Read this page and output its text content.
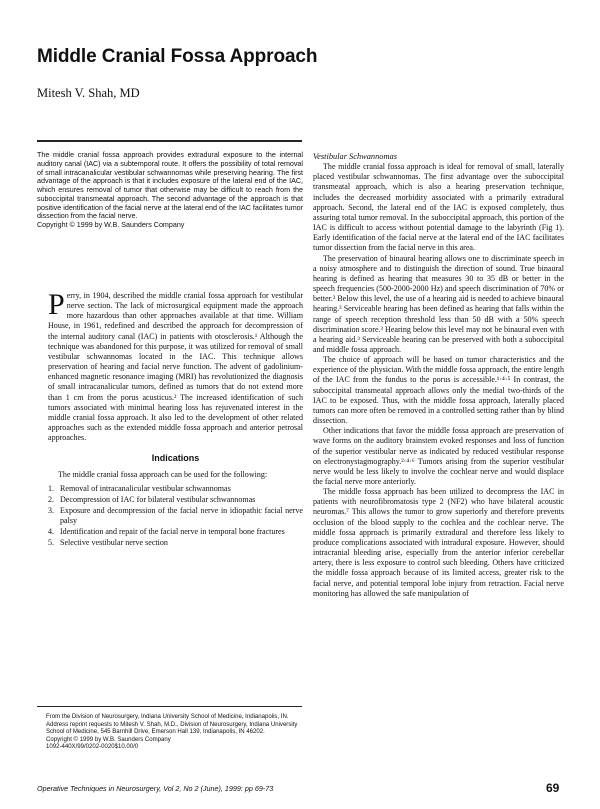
Middle Cranial Fossa Approach

Mitesh V. Shah, MD

The middle cranial fossa approach provides extradural exposure to the internal auditory canal (IAC) via a subtemporal route. It offers the possibility of total removal of small intracanalicular vestibular schwannomas while preserving hearing. The first advantage of the approach is that it includes exposure of the lateral end of the IAC, which ensures removal of tumor that otherwise may be difficult to reach from the suboccipital transmeatal approach. The second advantage of the approach is that positive identification of the facial nerve at the lateral end of the IAC facilitates tumor dissection from the facial nerve.
Copyright © 1999 by W.B. Saunders Company

Perry, in 1904, described the middle cranial fossa approach for vestibular nerve section. The lack of microsurgical equipment made the approach more hazardous than other approaches available at that time. William House, in 1961, redefined and described the approach for decompression of the internal auditory canal (IAC) in patients with otosclerosis.¹ Although the technique was abandoned for this purpose, it was utilized for removal of small vestibular schwannomas located in the IAC. This technique allows preservation of hearing and facial nerve function. The advent of gadolinium-enhanced magnetic resonance imaging (MRI) has revolutionized the diagnosis of small intracanalicular tumors, defined as tumors that do not extend more than 1 cm from the porus acusticus.² The increased identification of such tumors associated with minimal hearing loss has rejuvenated interest in the middle cranial fossa approach. It also led to the development of other related approaches such as the extended middle fossa approach and anterior petrosal approaches.

Indications

The middle cranial fossa approach can be used for the following:

1. Removal of intracanalicular vestibular schwannomas
2. Decompression of IAC for bilateral vestibular schwannomas
3. Exposure and decompression of the facial nerve in idiopathic facial nerve palsy
4. Identification and repair of the facial nerve in temporal bone fractures
5. Selective vestibular nerve section

Vestibular Schwannomas

The middle cranial fossa approach is ideal for removal of small, laterally placed vestibular schwannomas. The first advantage over the suboccipital transmeatal approach, which is also a hearing preservation technique, includes the decreased morbidity associated with a primarily extradural approach. Second, the lateral end of the IAC is exposed completely, thus assuring total tumor removal. In the suboccipital approach, this portion of the IAC is difficult to access without potential damage to the labyrinth (Fig 1). Early identification of the facial nerve at the lateral end of the IAC facilitates tumor dissection from the facial nerve in this area.

The preservation of binaural hearing allows one to discriminate speech in a noisy atmosphere and to distinguish the direction of sound. True binaural hearing is defined as hearing that measures 30 to 35 dB or better in the speech frequencies (500-2000-2000 Hz) and speech discrimination of 70% or better.³ Below this level, the use of a hearing aid is needed to achieve binaural hearing.³ Serviceable hearing has been defined as hearing that falls within the range of speech reception threshold less than 50 dB with a 50% speech discrimination score.³ Hearing below this level may not be binaural even with a hearing aid.³ Serviceable hearing can be preserved with both a suboccipital and middle fossa approach.

The choice of approach will be based on tumor characteristics and the experience of the physician. With the middle fossa approach, the entire length of the IAC from the fundus to the porus is accessible.¹·⁴·⁵ In contrast, the suboccipital transmeatal approach allows only the medial two-thirds of the IAC to be exposed. Thus, with the middle fossa approach, laterally placed tumors can more often be removed in a controlled setting rather than by blind dissection.

Other indications that favor the middle fossa approach are preservation of wave forms on the auditory brainstem evoked responses and loss of function of the superior vestibular nerve as indicated by reduced vestibular response on electronystagmography.²·⁴·⁶ Tumors arising from the superior vestibular nerve would be less likely to involve the cochlear nerve and would displace the facial nerve more anteriorly.

The middle fossa approach has been utilized to decompress the IAC in patients with neurofibromatosis type 2 (NF2) who have bilateral acoustic neuromas.⁷ This allows the tumor to grow superiorly and therefore prevents occlusion of the blood supply to the cochlea and the cochlear nerve. The middle fossa approach is primarily extradural and therefore less likely to produce complications associated with intradural exposure. However, should intracranial bleeding arise, especially from the anterior inferior cerebellar artery, there is less exposure to control such bleeding. Others have criticized the middle fossa approach because of its limited access, greater risk to the facial nerve, and potential temporal lobe injury from retraction. Facial nerve monitoring has allowed the safe manipulation of

From the Division of Neurosurgery, Indiana University School of Medicine, Indianapolis, IN.
Address reprint requests to Mitesh V. Shah, M.D., Division of Neurosurgery, Indiana University School of Medicine, 545 Barnhill Drive, Emerson Hall 139, Indianapolis, IN 46202.
Copyright © 1999 by W.B. Saunders Company
1092-440X/99/0202-0020$10.00/0
Operative Techniques in Neurosurgery, Vol 2, No 2 (June), 1999: pp 69-73	69
